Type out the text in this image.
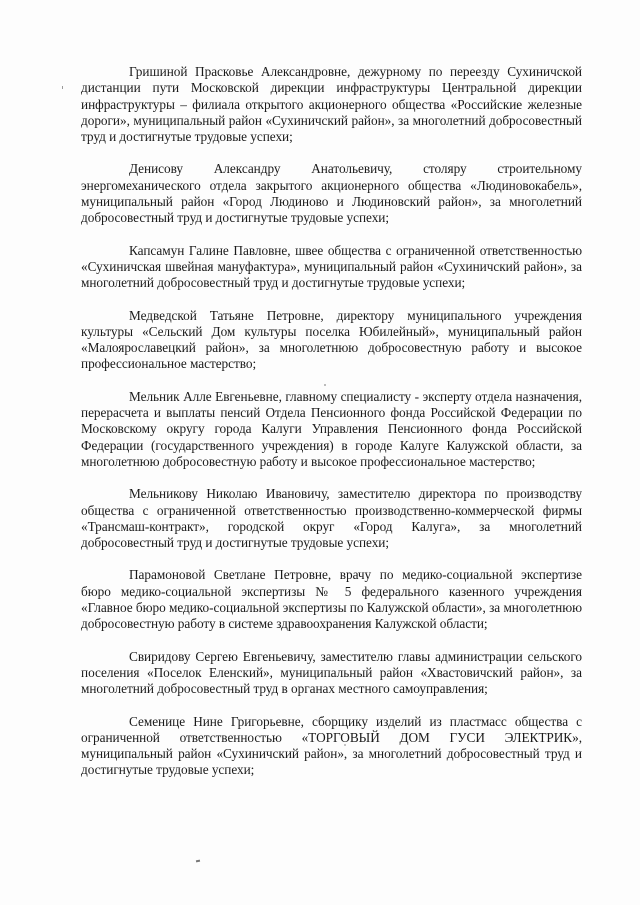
Гришиной Прасковье Александровне, дежурному по переезду Сухиничской дистанции пути Московской дирекции инфраструктуры Центральной дирекции инфраструктуры – филиала открытого акционерного общества «Российские железные дороги», муниципальный район «Сухиничский район», за многолетний добросовестный труд и достигнутые трудовые успехи;

Денисову Александру Анатольевичу, столяру строительному энергомеханического отдела закрытого акционерного общества «Людиновокабель», муниципальный район «Город Людиново и Людиновский район», за многолетний добросовестный труд и достигнутые трудовые успехи;

Капсамун Галине Павловне, швее общества с ограниченной ответственностью «Сухиничская швейная мануфактура», муниципальный район «Сухиничский район», за многолетний добросовестный труд и достигнутые трудовые успехи;

Медведской Татьяне Петровне, директору муниципального учреждения культуры «Сельский Дом культуры поселка Юбилейный», муниципальный район «Малоярославецкий район», за многолетнюю добросовестную работу и высокое профессиональное мастерство;

Мельник Алле Евгеньевне, главному специалисту - эксперту отдела назначения, перерасчета и выплаты пенсий Отдела Пенсионного фонда Российской Федерации по Московскому округу города Калуги Управления Пенсионного фонда Российской Федерации (государственного учреждения) в городе Калуге Калужской области, за многолетнюю добросовестную работу и высокое профессиональное мастерство;

Мельникову Николаю Ивановичу, заместителю директора по производству общества с ограниченной ответственностью производственно-коммерческой фирмы «Трансмаш-контракт», городской округ «Город Калуга», за многолетний добросовестный труд и достигнутые трудовые успехи;

Парамоновой Светлане Петровне, врачу по медико-социальной экспертизе бюро медико-социальной экспертизы № 5 федерального казенного учреждения «Главное бюро медико-социальной экспертизы по Калужской области», за многолетнюю добросовестную работу в системе здравоохранения Калужской области;

Свиридову Сергею Евгеньевичу, заместителю главы администрации сельского поселения «Поселок Еленский», муниципальный район «Хвастовичский район», за многолетний добросовестный труд в органах местного самоуправления;

Семенице Нине Григорьевне, сборщику изделий из пластмасс общества с ограниченной ответственностью «ТОРГОВЫЙ ДОМ ГУСИ ЭЛЕКТРИК», муниципальный район «Сухиничский район», за многолетний добросовестный труд и достигнутые трудовые успехи;
